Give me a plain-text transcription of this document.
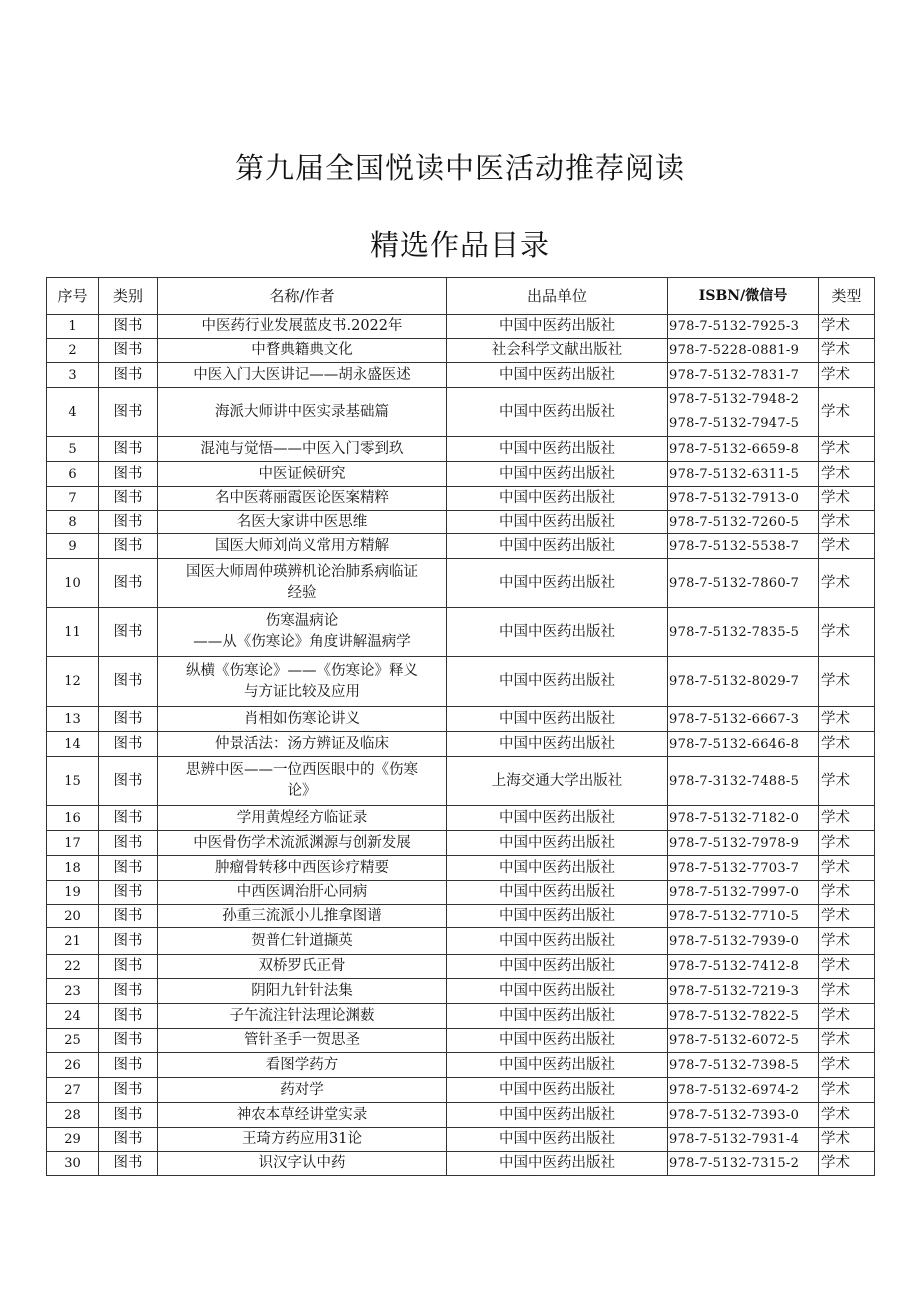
第九届全国悦读中医活动推荐阅读
精选作品目录
序号	类别	名称/作者	出品单位	ISBN/微信号	类型
1	图书	中医药行业发展蓝皮书.2022年	中国中医药出版社	978-7-5132-7925-3	学术
2	图书	中瞀典籍典文化	社会科学文献出版社	978-7-5228-0881-9	学术
3	图书	中医入门大医讲记——胡永盛医述	中国中医药出版社	978-7-5132-7831-7	学术
4	图书	海派大师讲中医实录基础篇	中国中医药出版社	978-7-5132-7948-2
978-7-5132-7947-5	学术
5	图书	混沌与觉悟——中医入门零到玖	中国中医药出版社	978-7-5132-6659-8	学术
6	图书	中医证候研究	中国中医药出版社	978-7-5132-6311-5	学术
7	图书	名中医蒋丽霞医论医案精粹	中国中医药出版社	978-7-5132-7913-0	学术
8	图书	名医大家讲中医思维	中国中医药出版社	978-7-5132-7260-5	学术
9	图书	国医大师刘尚义常用方精解	中国中医药出版社	978-7-5132-5538-7	学术
10	图书	国医大师周仲瑛辨机论治肺系病临证
经验	中国中医药出版社	978-7-5132-7860-7	学术
11	图书	伤寒温病论
——从《伤寒论》角度讲解温病学	中国中医药出版社	978-7-5132-7835-5	学术
12	图书	纵横《伤寒论》——《伤寒论》释义
与方证比较及应用	中国中医药出版社	978-7-5132-8029-7	学术
13	图书	肖相如伤寒论讲义	中国中医药出版社	978-7-5132-6667-3	学术
14	图书	仲景活法：汤方辨证及临床	中国中医药出版社	978-7-5132-6646-8	学术
15	图书	思辨中医——一位西医眼中的《伤寒
论》	上海交通大学出版社	978-7-3132-7488-5	学术
16	图书	学用黄煌经方临证录	中国中医药出版社	978-7-5132-7182-0	学术
17	图书	中医骨伤学术流派渊源与创新发展	中国中医药出版社	978-7-5132-7978-9	学术
18	图书	肿瘤骨转移中西医诊疗精要	中国中医药出版社	978-7-5132-7703-7	学术
19	图书	中西医调治肝心同病	中国中医药出版社	978-7-5132-7997-0	学术
20	图书	孙重三流派小儿推拿图谱	中国中医药出版社	978-7-5132-7710-5	学术
21	图书	贺普仁针道撷英	中国中医药出版社	978-7-5132-7939-0	学术
22	图书	双桥罗氏正骨	中国中医药出版社	978-7-5132-7412-8	学术
23	图书	阴阳九针针法集	中国中医药出版社	978-7-5132-7219-3	学术
24	图书	子午流注针法理论渊薮	中国中医药出版社	978-7-5132-7822-5	学术
25	图书	管针圣手一贺思圣	中国中医药出版社	978-7-5132-6072-5	学术
26	图书	看图学药方	中国中医药出版社	978-7-5132-7398-5	学术
27	图书	药对学	中国中医药出版社	978-7-5132-6974-2	学术
28	图书	神农本草经讲堂实录	中国中医药出版社	978-7-5132-7393-0	学术
29	图书	王琦方药应用31论	中国中医药出版社	978-7-5132-7931-4	学术
30	图书	识汉字认中药	中国中医药出版社	978-7-5132-7315-2	学术
